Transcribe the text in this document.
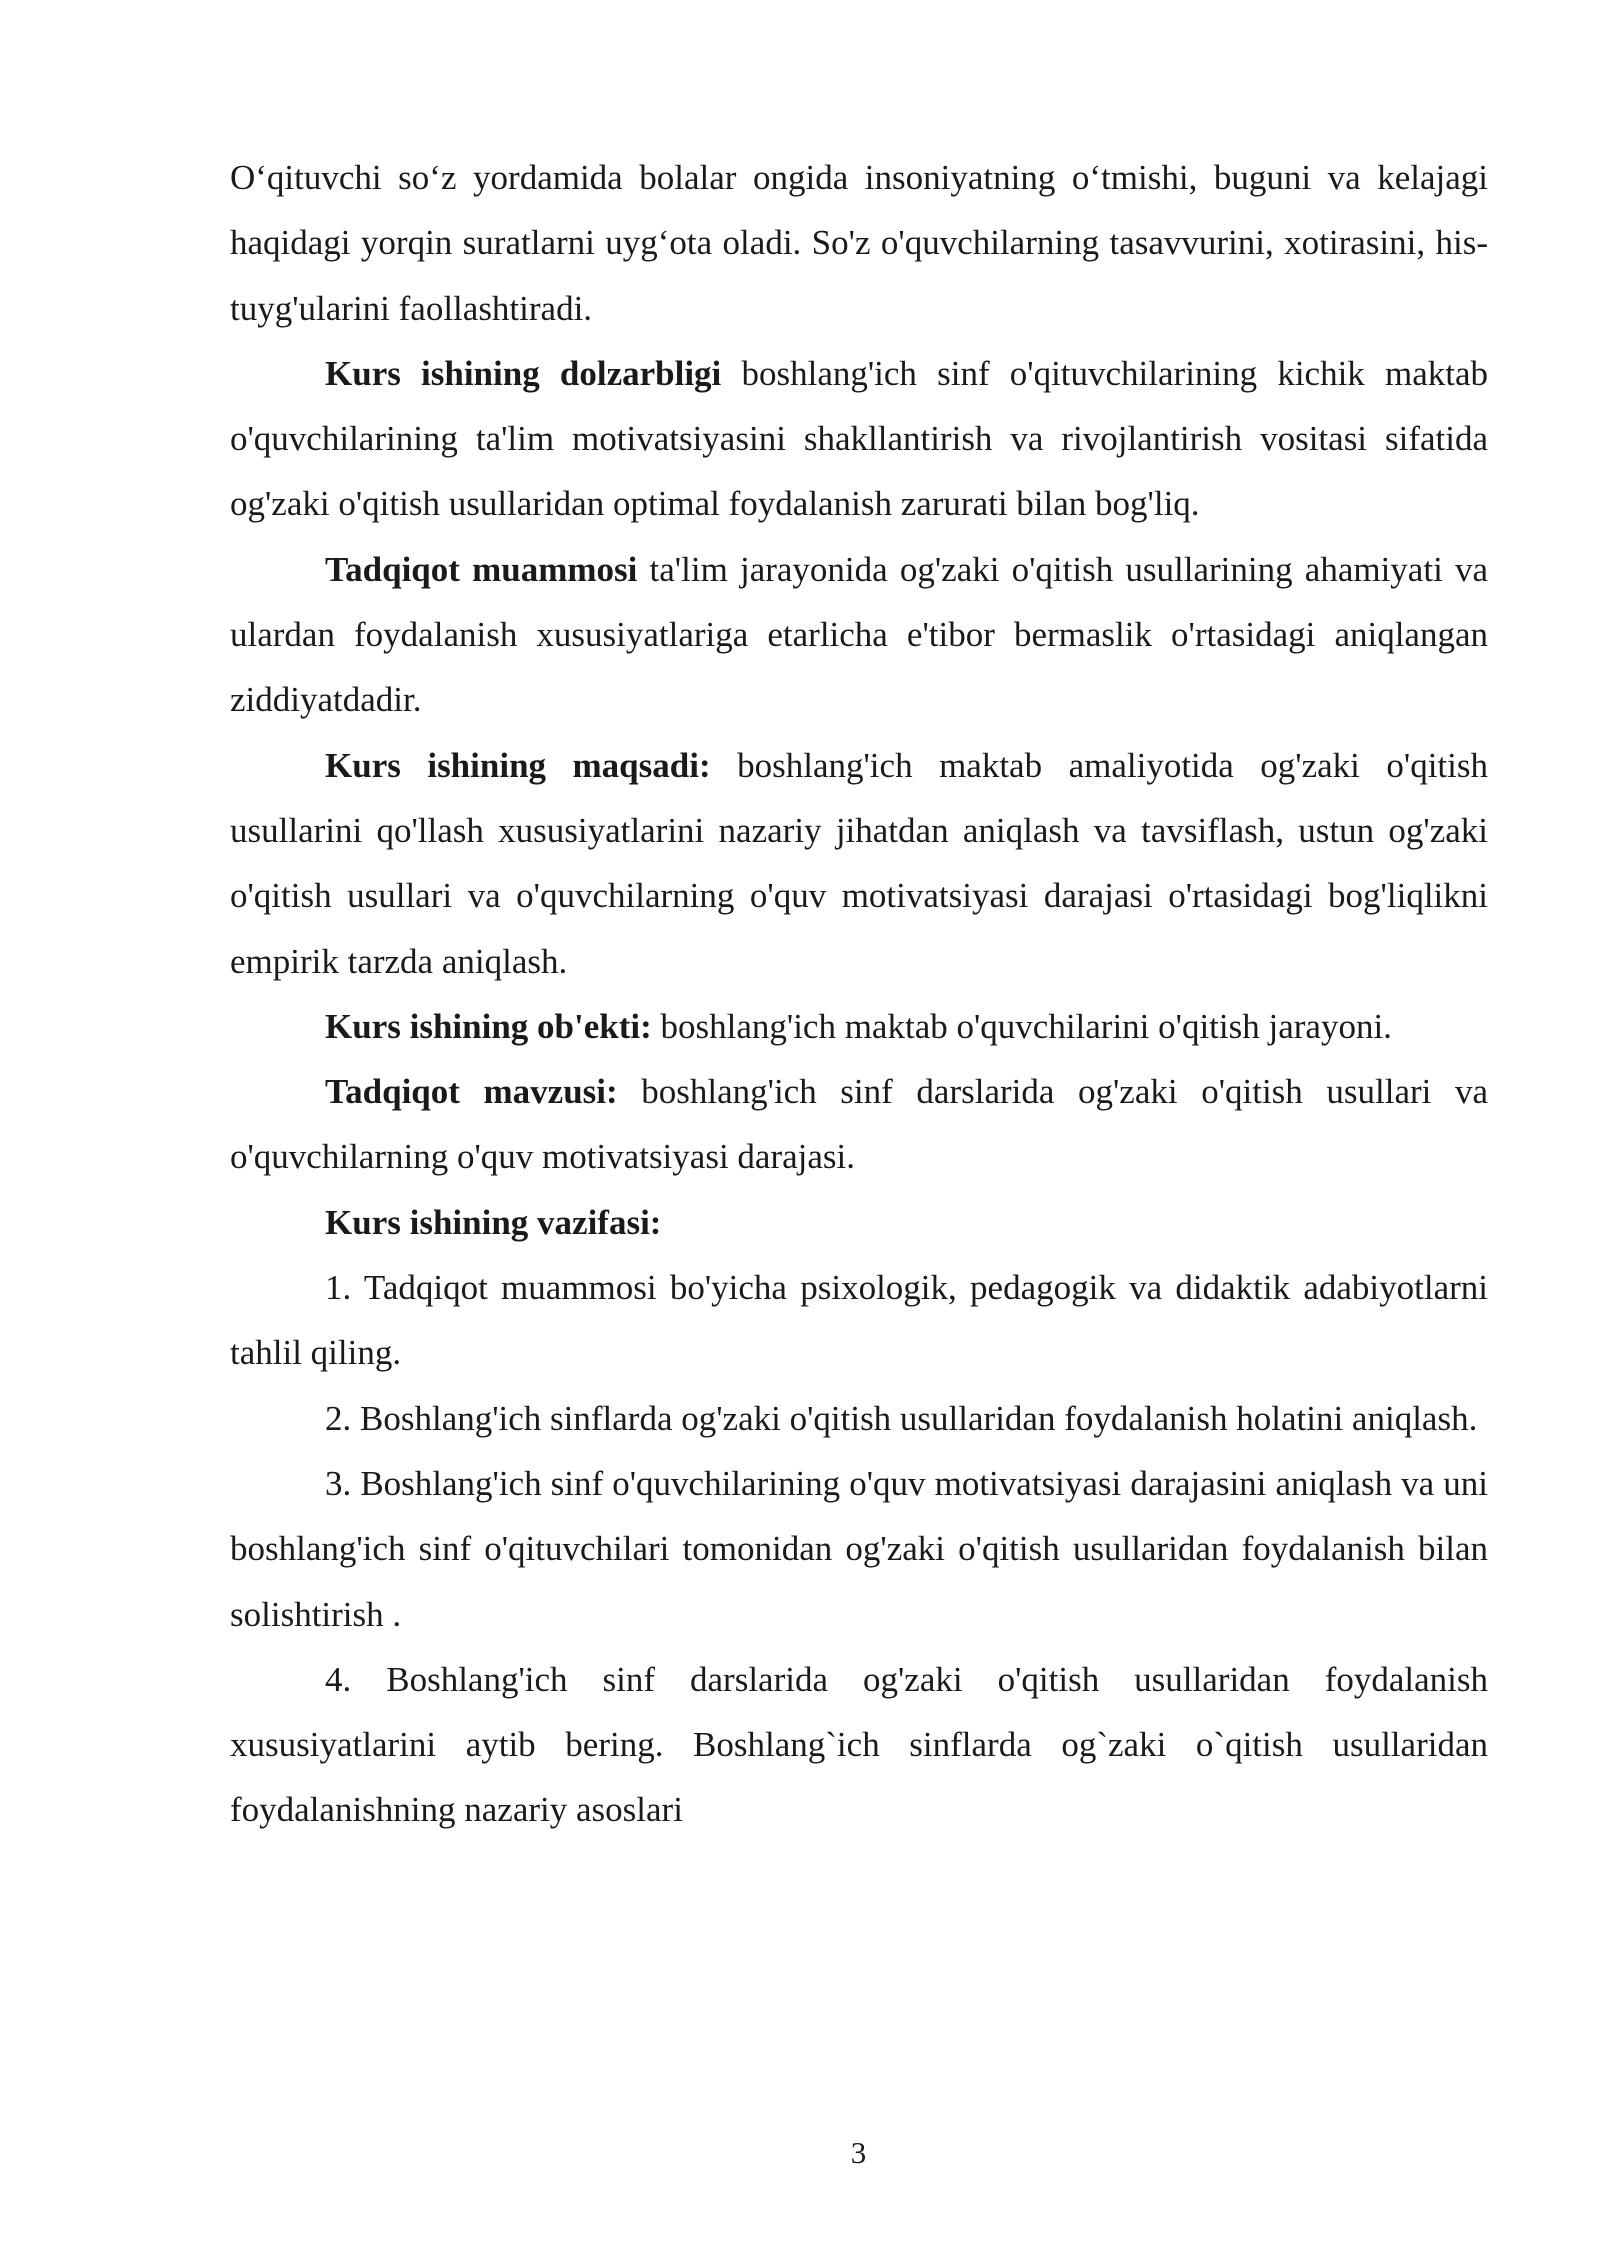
O‘qituvchi so‘z yordamida bolalar ongida insoniyatning o‘tmishi, buguni va kelajagi haqidagi yorqin suratlarni uyg‘ota oladi. So'z o'quvchilarning tasavvurini, xotirasini, his-tuyg'ularini faollashtiradi.

Kurs ishining dolzarbligi boshlang'ich sinf o'qituvchilarining kichik maktab o'quvchilarining ta'lim motivatsiyasini shakllantirish va rivojlantirish vositasi sifatida og'zaki o'qitish usullaridan optimal foydalanish zarurati bilan bog'liq.

Tadqiqot muammosi ta'lim jarayonida og'zaki o'qitish usullarining ahamiyati va ulardan foydalanish xususiyatlariga etarlicha e'tibor bermaslik o'rtasidagi aniqlangan ziddiyatdadir.

Kurs ishining maqsadi: boshlang'ich maktab amaliyotida og'zaki o'qitish usullarini qo'llash xususiyatlarini nazariy jihatdan aniqlash va tavsiflash, ustun og'zaki o'qitish usullari va o'quvchilarning o'quv motivatsiyasi darajasi o'rtasidagi bog'liqlikni empirik tarzda aniqlash.

Kurs ishining ob'ekti: boshlang'ich maktab o'quvchilarini o'qitish jarayoni.

Tadqiqot mavzusi: boshlang'ich sinf darslarida og'zaki o'qitish usullari va o'quvchilarning o'quv motivatsiyasi darajasi.

Kurs ishining vazifasi:

1. Tadqiqot muammosi bo'yicha psixologik, pedagogik va didaktik adabiyotlarni tahlil qiling.

2. Boshlang'ich sinflarda og'zaki o'qitish usullaridan foydalanish holatini aniqlash.

3. Boshlang'ich sinf o'quvchilarining o'quv motivatsiyasi darajasini aniqlash va uni boshlang'ich sinf o'qituvchilari tomonidan og'zaki o'qitish usullaridan foydalanish bilan solishtirish .

4. Boshlang'ich sinf darslarida og'zaki o'qitish usullaridan foydalanish xususiyatlarini aytib bering. Boshlang`ich sinflarda og`zaki o`qitish usullaridan foydalanishning nazariy asoslari

3
